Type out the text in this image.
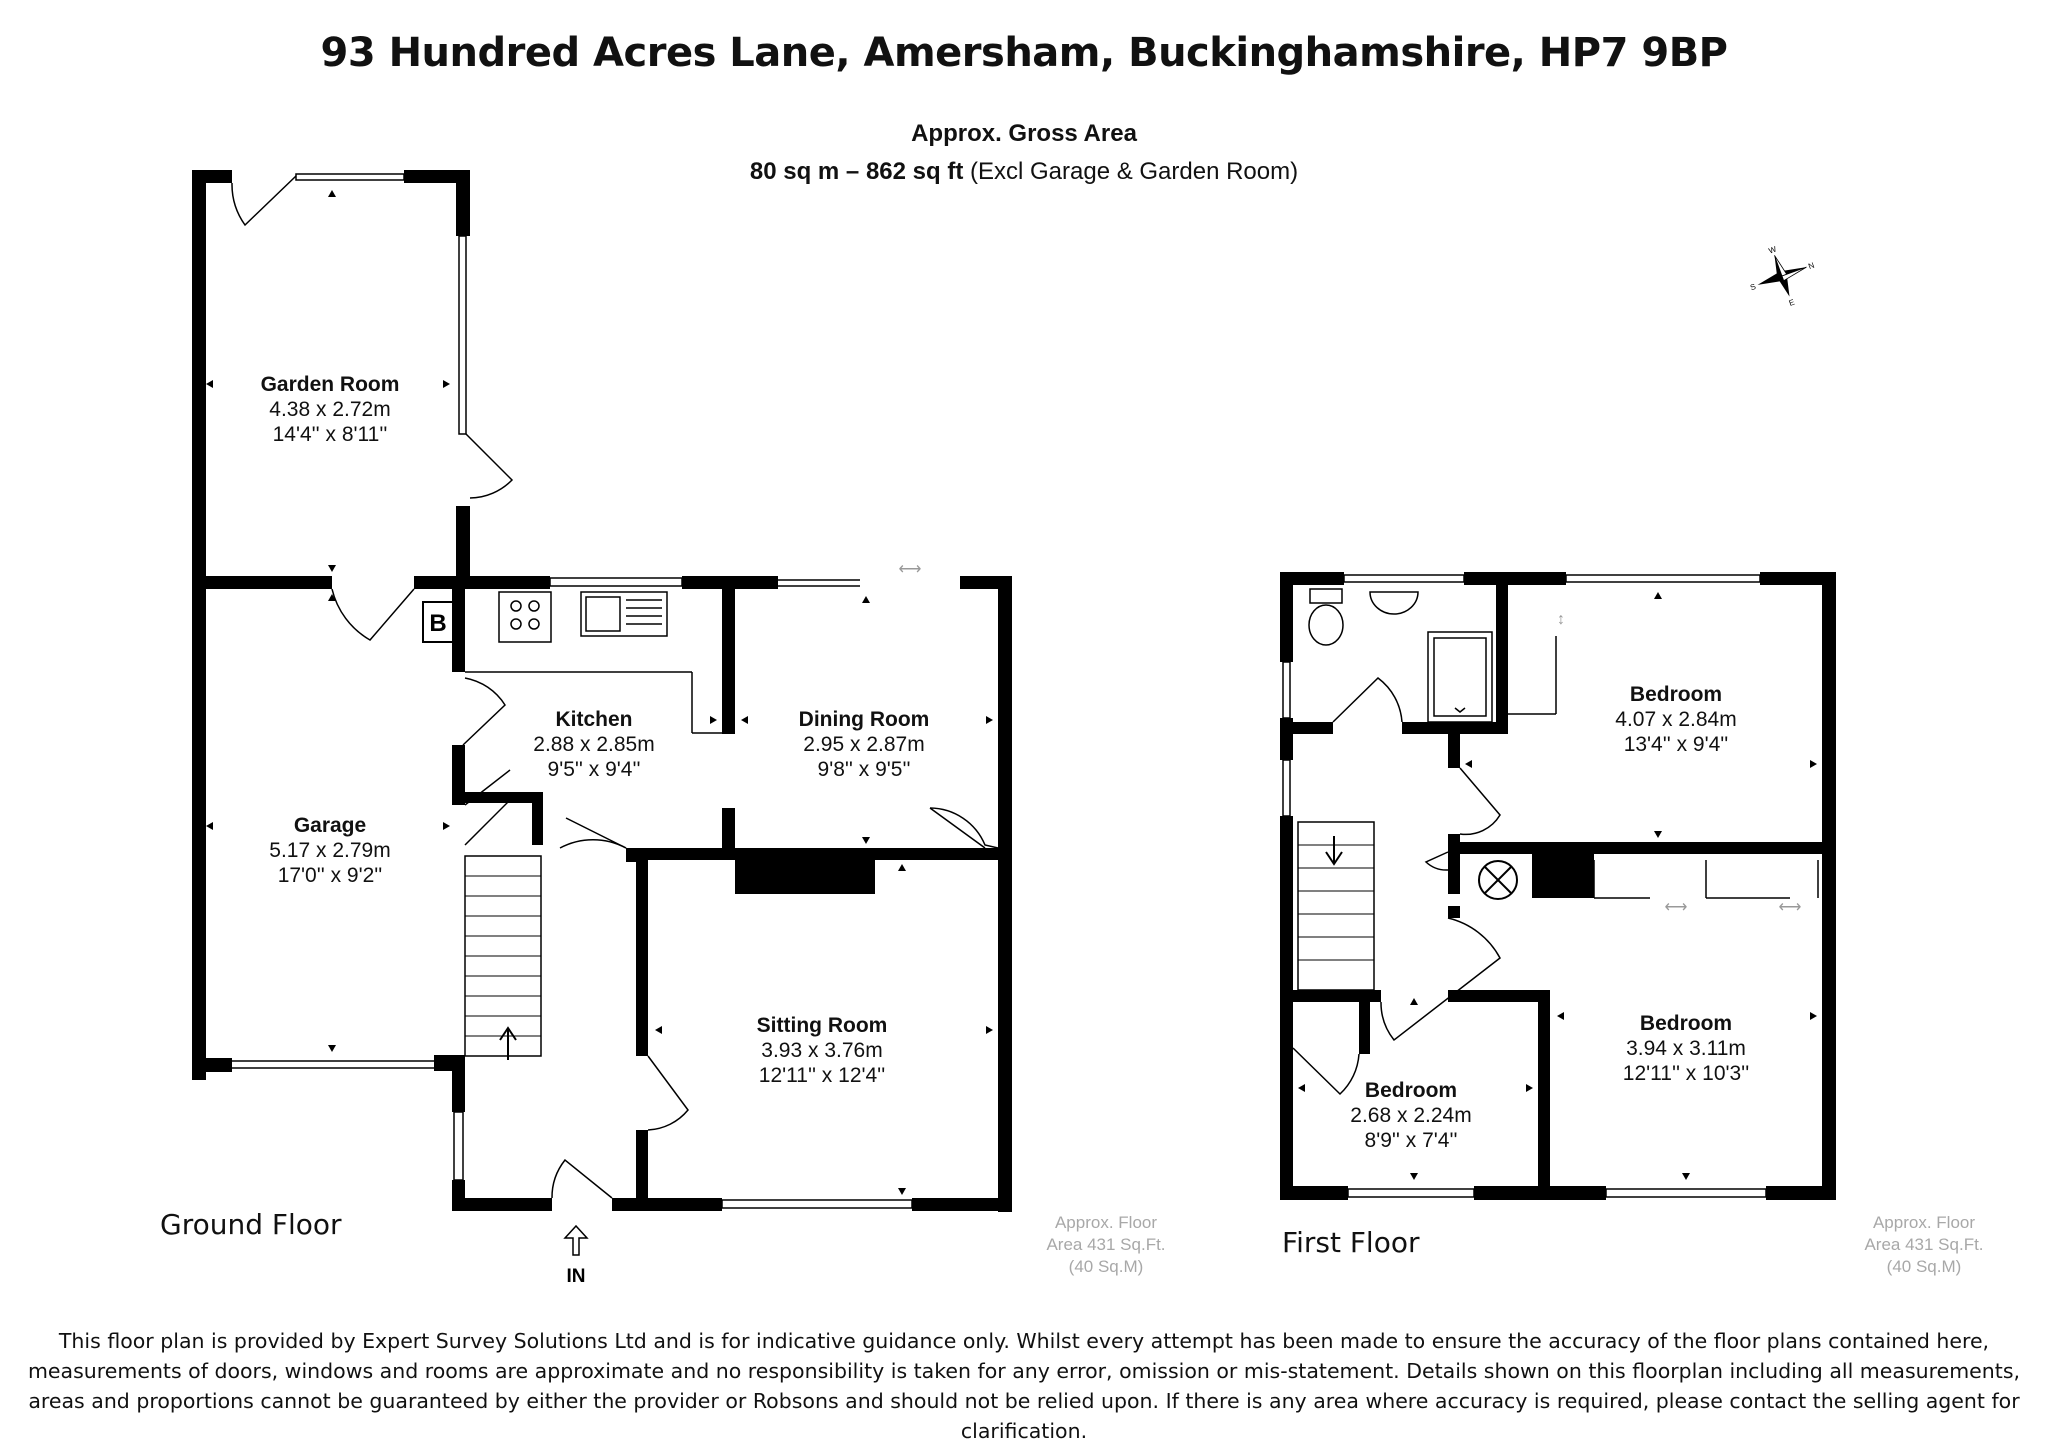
93 Hundred Acres Lane, Amersham, Buckinghamshire, HP7 9BP
Approx. Gross Area
80 sq m – 862 sq ft (Excl Garage & Garden Room)
⟷
B
IN
Garden Room
4.38 x 2.72m
14'4'' x 8'11''
Garage
5.17 x 2.79m
17'0'' x 9'2''
Kitchen
2.88 x 2.85m
9'5'' x 9'4''
Dining Room
2.95 x 2.87m
9'8'' x 9'5''
Sitting Room
3.93 x 3.76m
12'11'' x 12'4''
↕
⟷	⟷
Bedroom
4.07 x 2.84m
13'4'' x 9'4''
Bedroom
3.94 x 3.11m
12'11'' x 10'3''
Bedroom
2.68 x 2.24m
8'9'' x 7'4''
W
N
E
S
Ground Floor	Approx. Floor
Area 431 Sq.Ft.
(40 Sq.M)
First Floor
Approx. Floor
Area 431 Sq.Ft.
(40 Sq.M)
This floor plan is provided by Expert Survey Solutions Ltd and is for indicative guidance only. Whilst every attempt has been made to ensure the accuracy of the floor plans contained here, measurements of doors, windows and rooms are approximate and no responsibility is taken for any error, omission or mis-statement. Details shown on this floorplan including all measurements, areas and proportions cannot be guaranteed by either the provider or Robsons and should not be relied upon. If there is any area where accuracy is required, please contact the selling agent for clarification.
